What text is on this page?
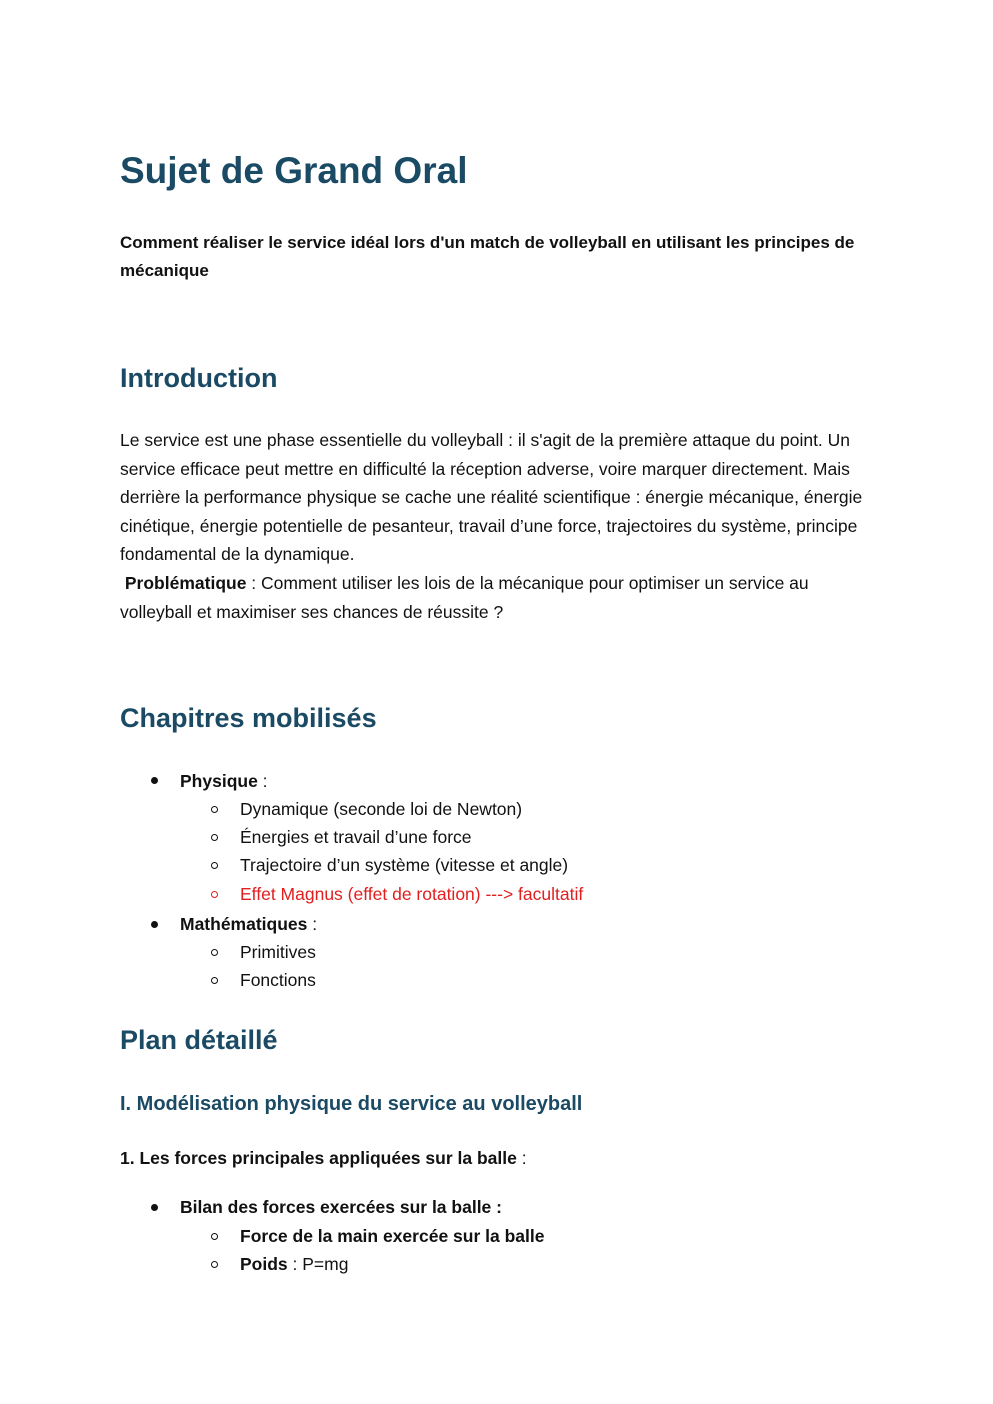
Sujet de Grand Oral

Comment réaliser le service idéal lors d'un match de volleyball en utilisant les principes de mécanique

Introduction

Le service est une phase essentielle du volleyball : il s'agit de la première attaque du point. Un service efficace peut mettre en difficulté la réception adverse, voire marquer directement. Mais derrière la performance physique se cache une réalité scientifique : énergie mécanique, énergie cinétique, énergie potentielle de pesanteur, travail d’une force, trajectoires du système, principe fondamental de la dynamique.
Problématique : Comment utiliser les lois de la mécanique pour optimiser un service au volleyball et maximiser ses chances de réussite ?

Chapitres mobilisés

Physique :

Dynamique (seconde loi de Newton)

Énergies et travail d’une force

Trajectoire d’un système (vitesse et angle)

Effet Magnus (effet de rotation) ---> facultatif

Mathématiques :

Primitives

Fonctions

Plan détaillé
I. Modélisation physique du service au volleyball

1. Les forces principales appliquées sur la balle :

Bilan des forces exercées sur la balle :

Force de la main exercée sur la balle

Poids : P=mg
